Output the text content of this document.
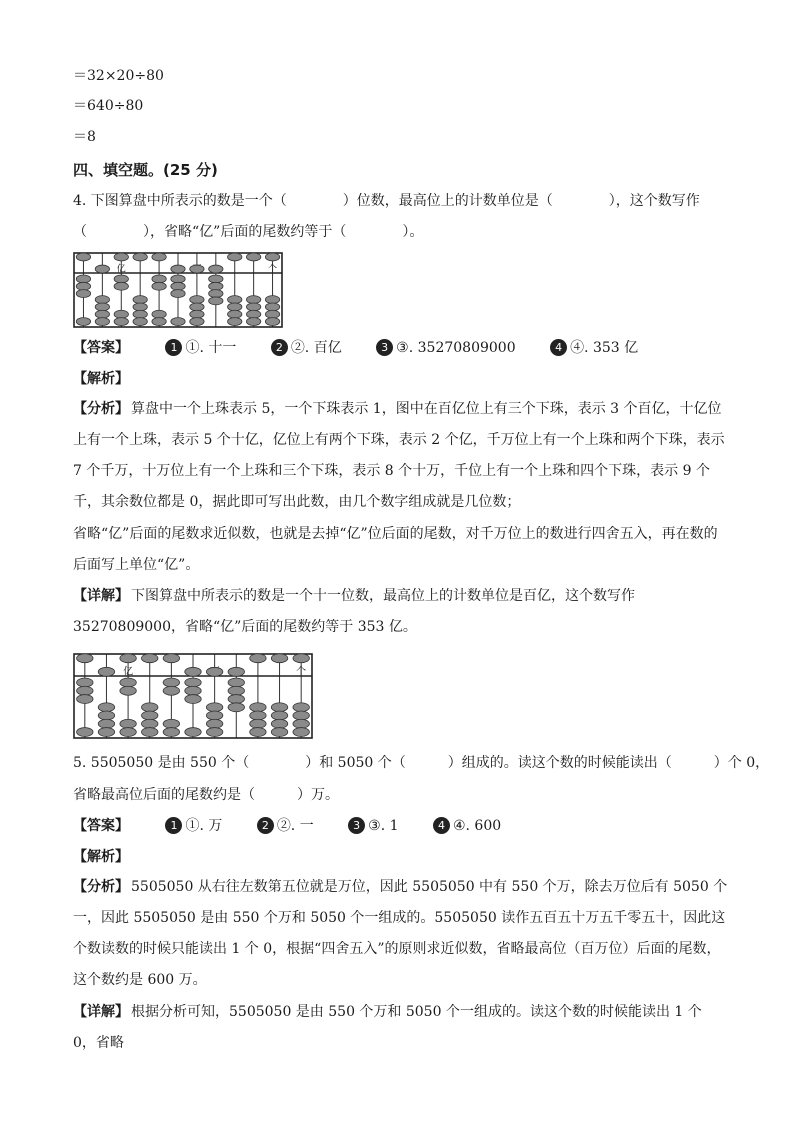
＝32×20÷80
＝640÷80
＝8
四、填空题。(25 分)
4. 下图算盘中所表示的数是一个（　　　　）位数，最高位上的计数单位是（　　　　），这个数写作
（　　　　），省略“亿”后面的尾数约等于（　　　　）。
亿	个
【答案】	1 ①. 十一	2 ②. 百亿	3 ③. 35270809000	4 ④. 353 亿
【解析】
【分析】 算盘中一个上珠表示 5，一个下珠表示 1，图中在百亿位上有三个下珠，表示 3 个百亿，十亿位上有一个上珠，表示 5 个十亿，亿位上有两个下珠，表示 2 个亿，千万位上有一个上珠和两个下珠，表示 7 个千万，十万位上有一个上珠和三个下珠，表示 8 个十万，千位上有一个上珠和四个下珠，表示 9 个千，其余数位都是 0，据此即可写出此数，由几个数字组成就是几位数；
省略“亿”后面的尾数求近似数，也就是去掉“亿”位后面的尾数，对千万位上的数进行四舍五入，再在数的后面写上单位“亿”。
【详解】 下图算盘中所表示的数是一个十一位数，最高位上的计数单位是百亿，这个数写作 35270809000，省略“亿”后面的尾数约等于 353 亿。
亿	个
5. 5505050 是由 550 个（　　　　）和 5050 个（　　　）组成的。读这个数的时候能读出（　　　）个 0，
省略最高位后面的尾数约是（　　　）万。
【答案】	1 ①. 万	2 ②. 一	3 ③. 1	4 ④. 600
【解析】
【分析】 5505050 从右往左数第五位就是万位，因此 5505050 中有 550 个万，除去万位后有 5050 个一，因此 5505050 是由 550 个万和 5050 个一组成的。5505050 读作五百五十万五千零五十，因此这个数读数的时候只能读出 1 个 0，根据“四舍五入”的原则求近似数，省略最高位（百万位）后面的尾数，这个数约是 600 万。
【详解】 根据分析可知，5505050 是由 550 个万和 5050 个一组成的。读这个数的时候能读出 1 个 0，省略
